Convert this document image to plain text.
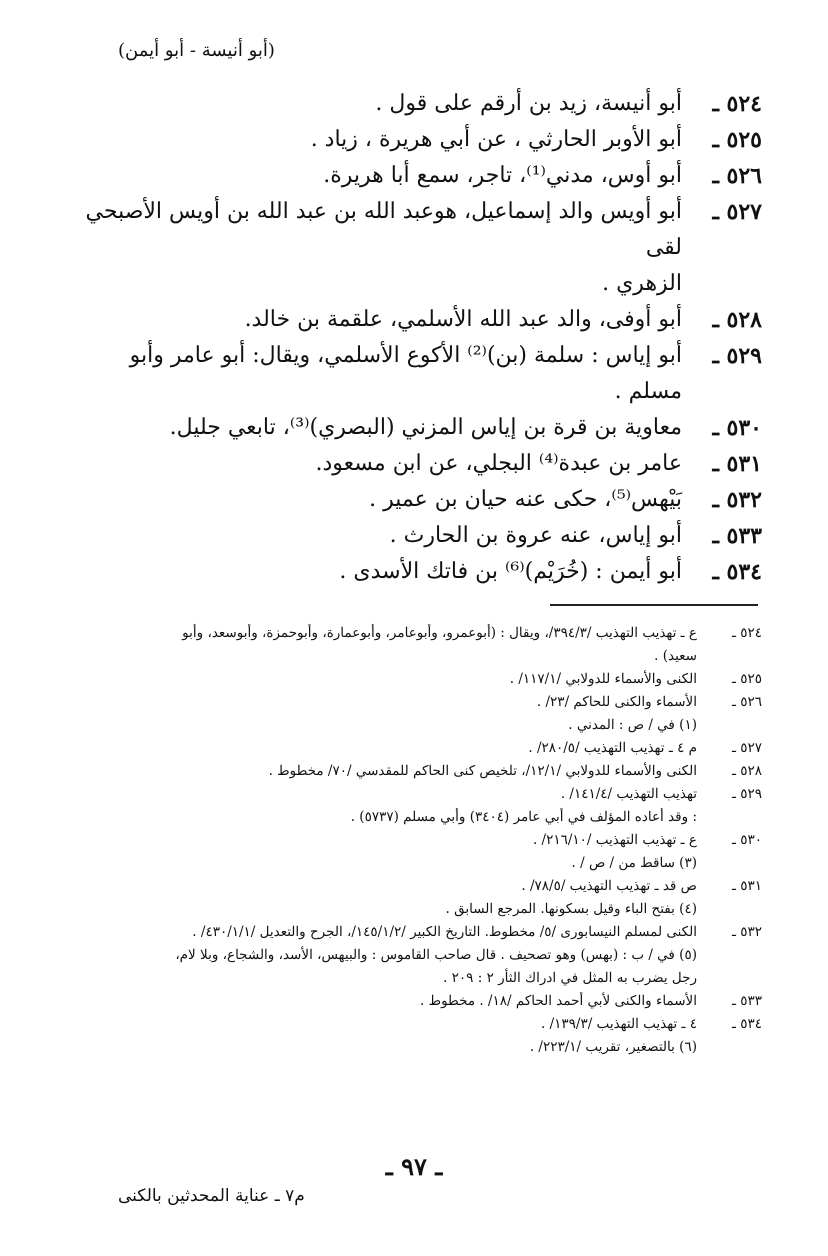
(أبو أنيسة - أبو أيمن)
٥٢٤ ـ
أبو أنيسة، زيد بن أرقم على قول .
٥٢٥ ـ
أبو الأوبر الحارثي ، عن أبي هريرة ، زياد .
٥٢٦ ـ
أبو أوس، مدني⁽¹⁾، تاجر، سمع أبا هريرة.
٥٢٧ ـ
أبو أويس والد إسماعيل، هوعبد الله بن عبد الله بن أويس الأصبحي لقى
الزهري .
٥٢٨ ـ
أبو أوفى، والد عبد الله الأسلمي، علقمة بن خالد.
٥٢٩ ـ
أبو إياس : سلمة (بن)⁽²⁾ الأكوع الأسلمي، ويقال: أبو عامر وأبو
مسلم .
٥٣٠ ـ
معاوية بن قرة بن إياس المزني (البصري)⁽³⁾، تابعي جليل.
٥٣١ ـ
عامر بن عبدة⁽⁴⁾ البجلي، عن ابن مسعود.
٥٣٢ ـ
بَيْهس⁽⁵⁾، حكى عنه حيان بن عمير .
٥٣٣ ـ
أبو إياس، عنه عروة بن الحارث .
٥٣٤ ـ
أبو أيمن : (خُرَيْم)⁽⁶⁾ بن فاتك الأسدى .
٥٢٤ ـ
ع ـ تهذيب التهذيب /٣٩٤/٣/، ويقال : (أبوعمرو، وأبوعامر، وأبوعمارة، وأبوحمزة، وأبوسعد، وأبو
سعيد) .
٥٢٥ ـ
الكنى والأسماء للدولابي /١١٧/١/ .
٥٢٦ ـ
الأسماء والكنى للحاكم /٢٣/ .
(١) في / ص : المدني .
٥٢٧ ـ
م ٤ ـ تهذيب التهذيب /٢٨٠/٥/ .
٥٢٨ ـ
الكنى والأسماء للدولابي /١٢/١/، تلخيص كنى الحاكم للمقدسي /٧٠/ مخطوط .
٥٢٩ ـ
تهذيب التهذيب /١٤١/٤/ .
: وقد أعاده المؤلف في أبي عامر (٣٤٠٤) وأبي مسلم (٥٧٣٧) .
٥٣٠ ـ
ع ـ تهذيب التهذيب /٢١٦/١٠/ .
(٣) ساقط من / ص / .
٥٣١ ـ
ص قد ـ تهذيب التهذيب /٧٨/٥/ .
(٤) بفتح الباء وقيل بسكونها. المرجع السابق .
٥٣٢ ـ
الكنى لمسلم النيسابورى /٥/ مخطوط. التاريخ الكبير /١٤٥/١/٢/، الجرح والتعديل /٤٣٠/١/١/ .
(٥) في / ب : (بهس) وهو تصحيف . قال صاحب القاموس : والبيهس، الأسد، والشجاع، وبلا لام،
رجل يضرب به المثل في ادراك الثأر ٢ : ٢٠٩ .
٥٣٣ ـ
الأسماء والكنى لأبي أحمد الحاكم /١٨/ . مخطوط .
٥٣٤ ـ
٤ ـ تهذيب التهذيب /١٣٩/٣/ .
(٦) بالتصغير، تقريب /٢٢٣/١/ .
ـ ٩٧ ـ
م٧ ـ عناية المحدثين بالكنى
